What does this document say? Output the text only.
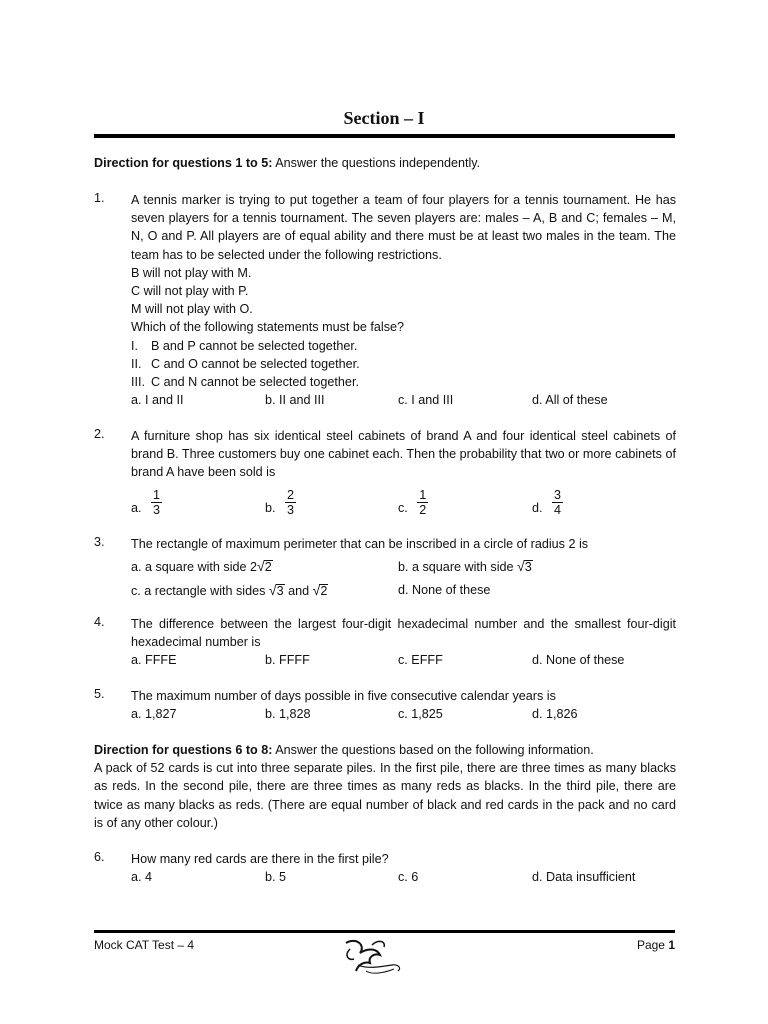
Section – I
Direction for questions 1 to 5: Answer the questions independently.
1. A tennis marker is trying to put together a team of four players for a tennis tournament. He has seven players for a tennis tournament. The seven players are: males – A, B and C; females – M, N, O and P. All players are of equal ability and there must be at least two males in the team. The team has to be selected under the following restrictions.
B will not play with M.
C will not play with P.
M will not play with O.
Which of the following statements must be false?
I. B and P cannot be selected together.
II. C and O cannot be selected together.
III. C and N cannot be selected together.
a. I and II	b. II and III	c. I and III	d. All of these
2. A furniture shop has six identical steel cabinets of brand A and four identical steel cabinets of brand B. Three customers buy one cabinet each. Then the probability that two or more cabinets of brand A have been sold is
a. $\frac{1}{3}$	b. $\frac{2}{3}$	c. $\frac{1}{2}$	d. $\frac{3}{4}$
3. The rectangle of maximum perimeter that can be inscribed in a circle of radius 2 is
a. a square with side 2√2	b. a square with side √3
c. a rectangle with sides √3 and √2	d. None of these
4. The difference between the largest four-digit hexadecimal number and the smallest four-digit hexadecimal number is
a. FFFE	b. FFFF	c. EFFF	d. None of these
5. The maximum number of days possible in five consecutive calendar years is
a. 1,827	b. 1,828	c. 1,825	d. 1,826
Direction for questions 6 to 8: Answer the questions based on the following information.
A pack of 52 cards is cut into three separate piles. In the first pile, there are three times as many blacks as reds. In the second pile, there are three times as many reds as blacks. In the third pile, there are twice as many blacks as reds. (There are equal number of black and red cards in the pack and no card is of any other colour.)
6. How many red cards are there in the first pile?
a. 4	b. 5	c. 6	d. Data insufficient
Mock CAT Test – 4	Page 1
